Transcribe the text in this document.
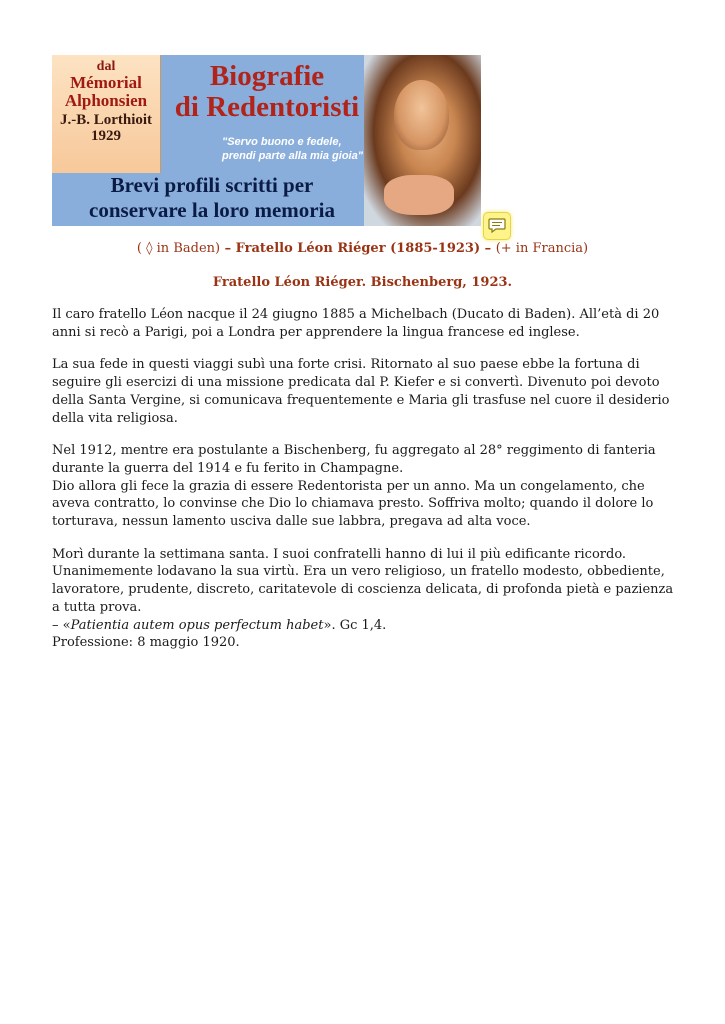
dal
Mémorial
Alphonsien
J.-B. Lorthioit
1929
Biografie
di Redentoristi
"Servo buono e fedele,
prendi parte alla mia gioia"
Brevi profili scritti per
conservare la loro memoria
( ◊ in Baden) – Fratello Léon Riéger (1885-1923) – (+ in Francia)
Fratello Léon Riéger. Bischenberg, 1923.

Il caro fratello Léon nacque il 24 giugno 1885 a Michelbach (Ducato di Baden). All’età di 20 anni si recò a Parigi, poi a Londra per apprendere la lingua francese ed inglese.

La sua fede in questi viaggi subì una forte crisi. Ritornato al suo paese ebbe la fortuna di seguire gli esercizi di una missione predicata dal P. Kiefer e si convertì. Divenuto poi devoto della Santa Vergine, si comunicava frequentemente e Maria gli trasfuse nel cuore il desiderio della vita religiosa.

Nel 1912, mentre era postulante a Bischenberg, fu aggregato al 28° reggimento di fanteria durante la guerra del 1914 e fu ferito in Champagne.
Dio allora gli fece la grazia di essere Redentorista per un anno. Ma un congelamento, che aveva contratto, lo convinse che Dio lo chiamava presto. Soffriva molto; quando il dolore lo torturava, nessun lamento usciva dalle sue labbra, pregava ad alta voce.

Morì durante la settimana santa. I suoi confratelli hanno di lui il più edificante ricordo. Unanimemente lodavano la sua virtù. Era un vero religioso, un fratello modesto, obbediente, lavoratore, prudente, discreto, caritatevole di coscienza delicata, di profonda pietà e pazienza a tutta prova.
– «Patientia autem opus perfectum habet». Gc 1,4.
Professione: 8 maggio 1920.
